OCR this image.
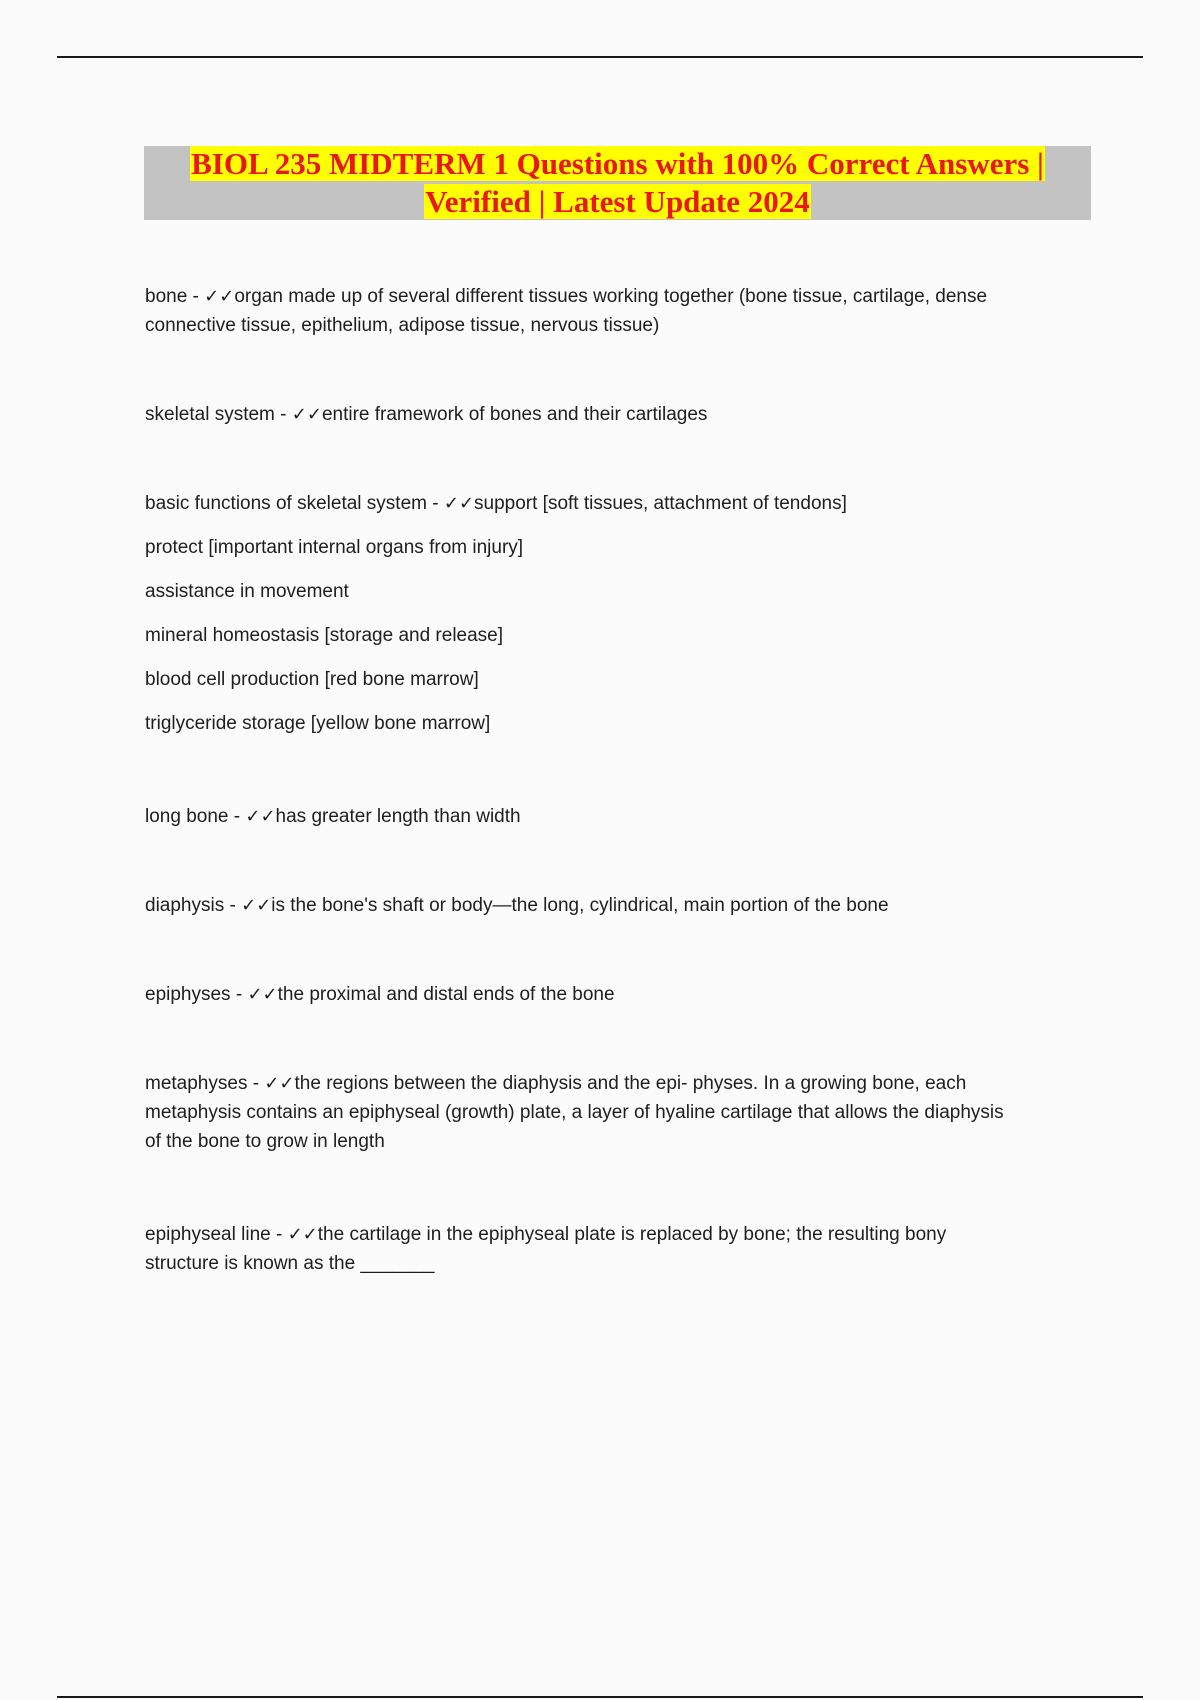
BIOL 235 MIDTERM 1 Questions with 100% Correct Answers |
Verified | Latest Update 2024

bone - ✓✓organ made up of several different tissues working together (bone tissue, cartilage, dense

connective tissue, epithelium, adipose tissue, nervous tissue)

skeletal system - ✓✓entire framework of bones and their cartilages

basic functions of skeletal system - ✓✓support [soft tissues, attachment of tendons]

protect [important internal organs from injury]

assistance in movement

mineral homeostasis [storage and release]

blood cell production [red bone marrow]

triglyceride storage [yellow bone marrow]

long bone - ✓✓has greater length than width

diaphysis - ✓✓is the bone's shaft or body—the long, cylindrical, main portion of the bone

epiphyses - ✓✓the proximal and distal ends of the bone

metaphyses - ✓✓the regions between the diaphysis and the epi- physes. In a growing bone, each

metaphysis contains an epiphyseal (growth) plate, a layer of hyaline cartilage that allows the diaphysis

of the bone to grow in length

epiphyseal line - ✓✓the cartilage in the epiphyseal plate is replaced by bone; the resulting bony

structure is known as the _______
